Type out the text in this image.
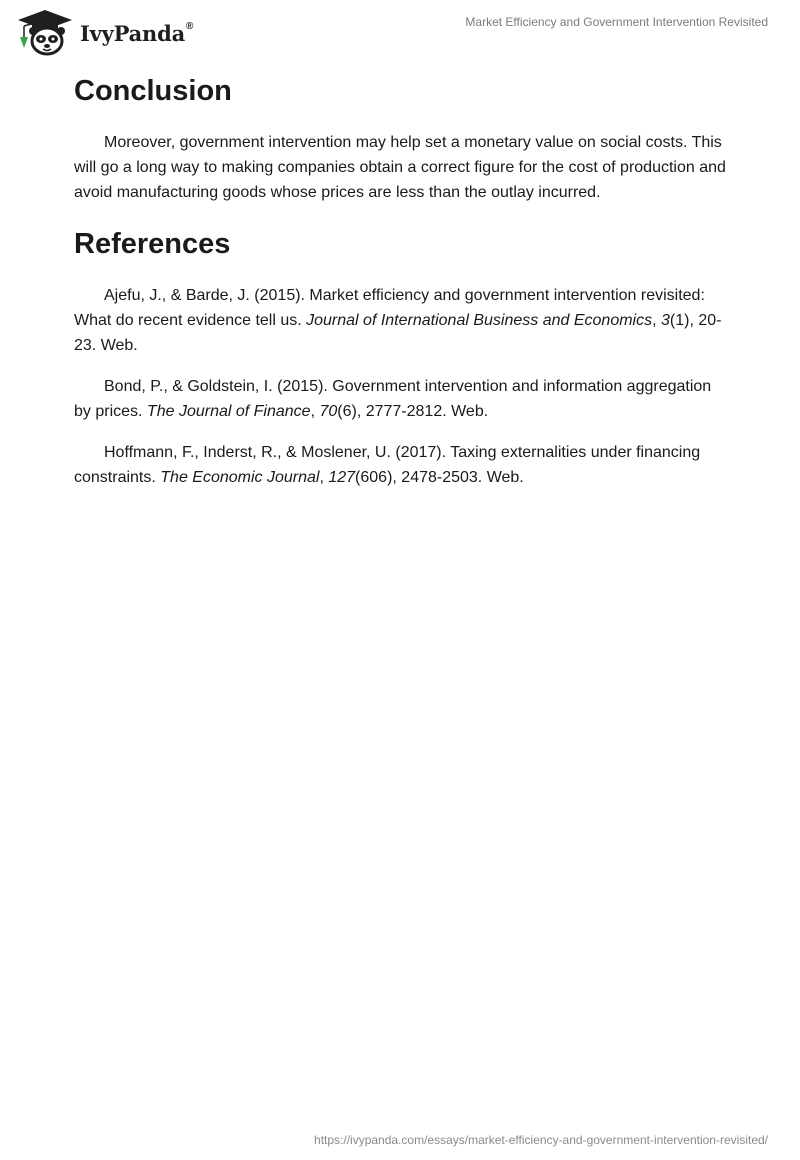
IvyPanda®	Market Efficiency and Government Intervention Revisited
Conclusion

Moreover, government intervention may help set a monetary value on social costs. This will go a long way to making companies obtain a correct figure for the cost of production and avoid manufacturing goods whose prices are less than the outlay incurred.

References

Ajefu, J., & Barde, J. (2015). Market efficiency and government intervention revisited: What do recent evidence tell us. Journal of International Business and Economics, 3(1), 20-23. Web.

Bond, P., & Goldstein, I. (2015). Government intervention and information aggregation by prices. The Journal of Finance, 70(6), 2777-2812. Web.

Hoffmann, F., Inderst, R., & Moslener, U. (2017). Taxing externalities under financing constraints. The Economic Journal, 127(606), 2478-2503. Web.

https://ivypanda.com/essays/market-efficiency-and-government-intervention-revisited/
